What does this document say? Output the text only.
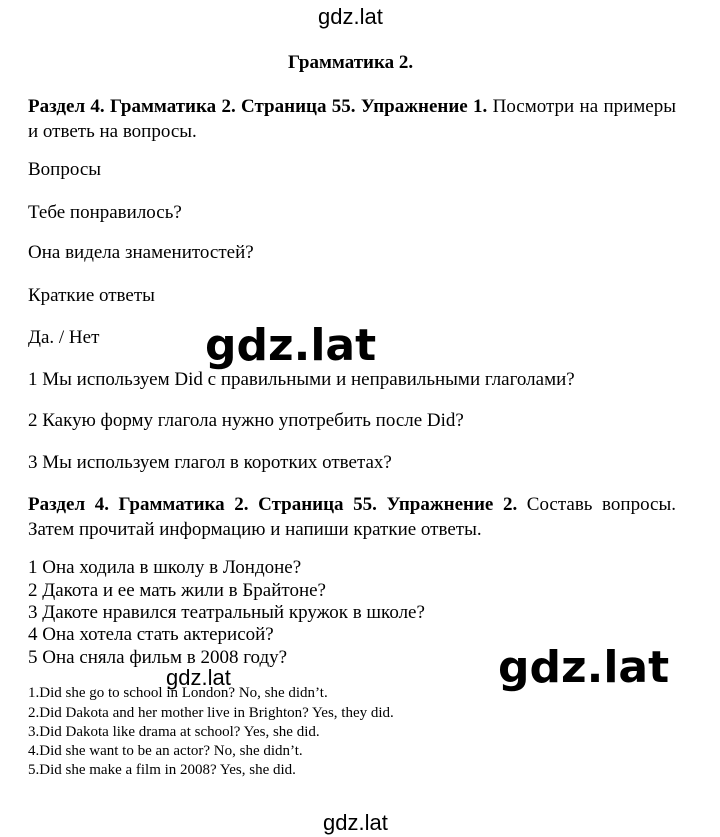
gdz.lat
Грамматика 2.
Раздел 4. Грамматика 2. Страница 55. Упражнение 1. Посмотри на примеры и ответь на вопросы.
Вопросы
Тебе понравилось?
Она видела знаменитостей?
Краткие ответы
Да. / Нет
1 Мы используем Did с правильными и неправильными глаголами?
2 Какую форму глагола нужно употребить после Did?
3 Мы используем глагол в коротких ответах?
gdz.lat
Раздел 4. Грамматика 2. Страница 55. Упражнение 2. Составь вопросы. Затем прочитай информацию и напиши краткие ответы.
1 Она ходила в школу в Лондоне?
2 Дакота и ее мать жили в Брайтоне?
3 Дакоте нравился театральный кружок в школе?
4 Она хотела стать актерисой?
5 Она сняла фильм в 2008 году?
gdz.lat	gdz.lat
1.Did she go to school in London? No, she didn’t.
2.Did Dakota and her mother live in Brighton? Yes, they did.
3.Did Dakota like drama at school? Yes, she did.
4.Did she want to be an actor? No, she didn’t.
5.Did she make a film in 2008? Yes, she did.
gdz.lat
